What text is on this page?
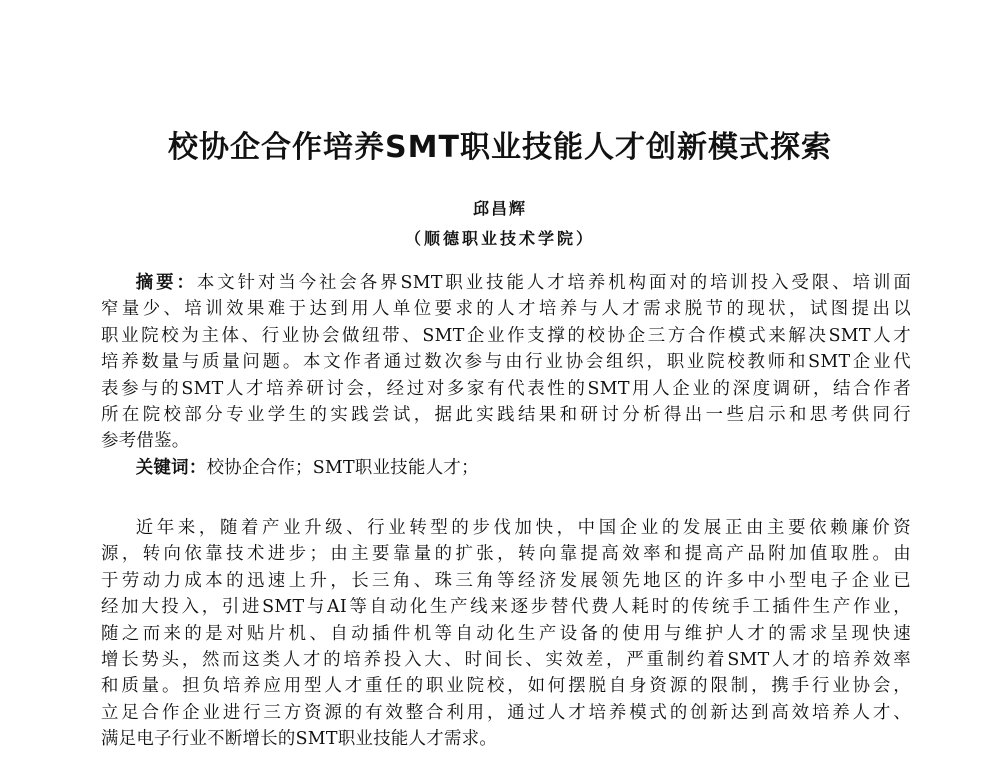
校协企合作培养SMT职业技能人才创新模式探索
邱昌辉
（顺德职业技术学院）
摘要：本文针对当今社会各界SMT职业技能人才培养机构面对的培训投入受限、培训面
窄量少、培训效果难于达到用人单位要求的人才培养与人才需求脱节的现状，试图提出以
职业院校为主体、行业协会做纽带、SMT企业作支撑的校协企三方合作模式来解决SMT人才
培养数量与质量问题。本文作者通过数次参与由行业协会组织，职业院校教师和SMT企业代
表参与的SMT人才培养研讨会，经过对多家有代表性的SMT用人企业的深度调研，结合作者
所在院校部分专业学生的实践尝试，据此实践结果和研讨分析得出一些启示和思考供同行
参考借鉴。
关键词：校协企合作；SMT职业技能人才；
近年来，随着产业升级、行业转型的步伐加快，中国企业的发展正由主要依赖廉价资
源，转向依靠技术进步；由主要靠量的扩张，转向靠提高效率和提高产品附加值取胜。由
于劳动力成本的迅速上升，长三角、珠三角等经济发展领先地区的许多中小型电子企业已
经加大投入，引进SMT与AI等自动化生产线来逐步替代费人耗时的传统手工插件生产作业，
随之而来的是对贴片机、自动插件机等自动化生产设备的使用与维护人才的需求呈现快速
增长势头，然而这类人才的培养投入大、时间长、实效差，严重制约着SMT人才的培养效率
和质量。担负培养应用型人才重任的职业院校，如何摆脱自身资源的限制，携手行业协会，
立足合作企业进行三方资源的有效整合利用，通过人才培养模式的创新达到高效培养人才、
满足电子行业不断增长的SMT职业技能人才需求。
